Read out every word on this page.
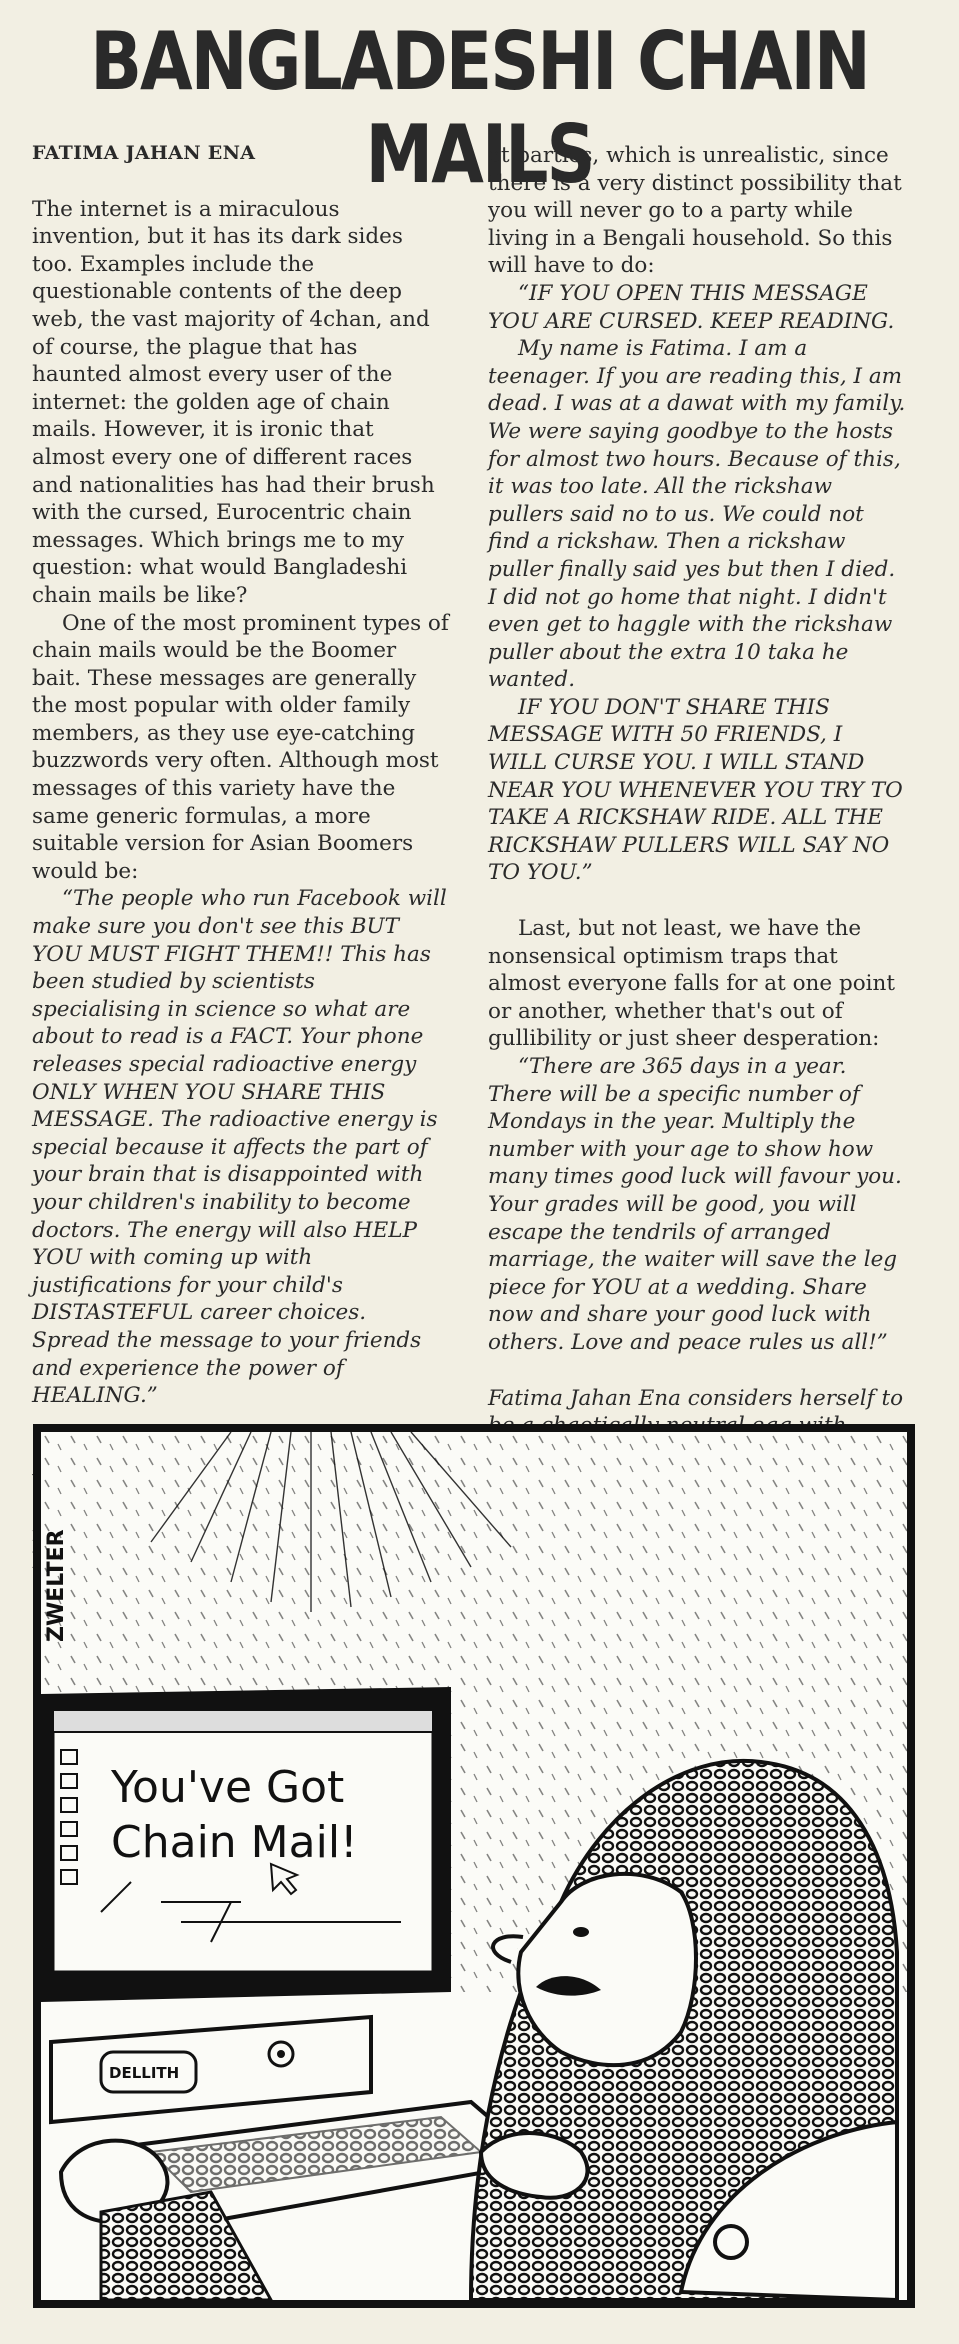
BANGLADESHI CHAIN MAILS
FATIMA JAHAN ENA

The internet is a miraculous invention, but it has its dark sides too. Examples include the questionable contents of the deep web, the vast majority of 4chan, and of course, the plague that has haunted almost every user of the internet: the golden age of chain mails. However, it is ironic that almost every one of different races and nationalities has had their brush with the cursed, Eurocentric chain messages. Which brings me to my question: what would Bangladeshi chain mails be like?

One of the most prominent types of chain mails would be the Boomer bait. These messages are generally the most popular with older family members, as they use eye-catching buzzwords very often. Although most messages of this variety have the same generic formulas, a more suitable version for Asian Boomers would be:

“The people who run Facebook will make sure you don't see this BUT YOU MUST FIGHT THEM!! This has been studied by scientists specialising in science so what are about to read is a FACT. Your phone releases special radioactive energy ONLY WHEN YOU SHARE THIS MESSAGE. The radioactive energy is special because it affects the part of your brain that is disappointed with your children's inability to become doctors. The energy will also HELP YOU with coming up with justifications for your child's DISTASTEFUL career choices. Spread the message to your friends and experience the power of HEALING.”

at parties, which is unrealistic, since there is a very distinct possibility that you will never go to a party while living in a Bengali household. So this will have to do:

“IF YOU OPEN THIS MESSAGE YOU ARE CURSED. KEEP READING.

My name is Fatima. I am a teenager. If you are reading this, I am dead. I was at a dawat with my family. We were saying goodbye to the hosts for almost two hours. Because of this, it was too late. All the rickshaw pullers said no to us. We could not find a rickshaw. Then a rickshaw puller finally said yes but then I died. I did not go home that night. I didn't even get to haggle with the rickshaw puller about the extra 10 taka he wanted.

IF YOU DON'T SHARE THIS MESSAGE WITH 50 FRIENDS, I WILL CURSE YOU. I WILL STAND NEAR YOU WHENEVER YOU TRY TO TAKE A RICKSHAW RIDE. ALL THE RICKSHAW PULLERS WILL SAY NO TO YOU.”

Last, but not least, we have the nonsensical optimism traps that almost everyone falls for at one point or another, whether that's out of gullibility or just sheer desperation:

“There are 365 days in a year. There will be a specific number of Mondays in the year. Multiply the number with your age to show how many times good luck will favour you. Your grades will be good, you will escape the tendrils of arranged marriage, the waiter will save the leg piece for YOU at a wedding. Share now and share your good luck with others. Love and peace rules us all!”

Fatima Jahan Ena considers herself to

ZWELTER
You've Got
Chain Mail!
DELLITH
